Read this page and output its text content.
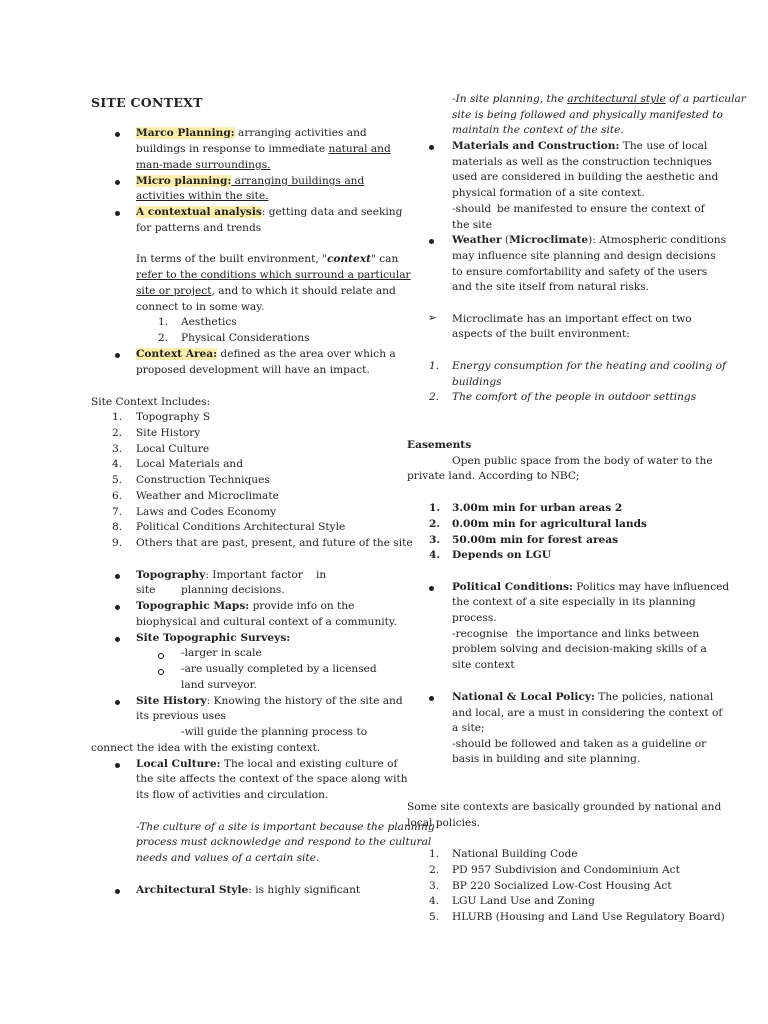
SITE CONTEXT
Marco Planning: arranging activities and
buildings in response to immediate natural and
man-made surroundings.
Micro planning: arranging buildings and
activities within the site.
A contextual analysis: getting data and seeking
for patterns and trends
In terms of the built environment, "context" can
refer to the conditions which surround a particular
site or project, and to which it should relate and
connect to in some way.
1. Aesthetics
2. Physical Considerations
Context Area: defined as the area over which a
proposed development will have an impact.
Site Context Includes:
1. Topography S
2. Site History
3. Local Culture
4. Local Materials and
5. Construction Techniques
6. Weather and Microclimate
7. Laws and Codes Economy
8. Political Conditions Architectural Style
9. Others that are past, present, and future of the site
Topography: Important factor in
site planning decisions.
Topographic Maps: provide info on the
biophysical and cultural context of a community.
Site Topographic Surveys:
-larger in scale
-are usually completed by a licensed
land surveyor.
Site History: Knowing the history of the site and
its previous uses
-will guide the planning process to
connect the idea with the existing context.
Local Culture: The local and existing culture of
the site affects the context of the space along with
its flow of activities and circulation.
-The culture of a site is important because the planning
process must acknowledge and respond to the cultural
needs and values of a certain site.
Architectural Style: is highly significant
-In site planning, the architectural style of a particular
site is being followed and physically manifested to
maintain the context of the site.
Materials and Construction: The use of local
materials as well as the construction techniques
used are considered in building the aesthetic and
physical formation of a site context.
-should be manifested to ensure the context of
the site
Weather (Microclimate): Atmospheric conditions
may influence site planning and design decisions
to ensure comfortability and safety of the users
and the site itself from natural risks.
➢ Microclimate has an important effect on two
aspects of the built environment:
1. Energy consumption for the heating and cooling of
buildings
2. The comfort of the people in outdoor settings
Easements
Open public space from the body of water to the
private land. According to NBC;
1. 3.00m min for urban areas 2
2. 0.00m min for agricultural lands
3. 50.00m min for forest areas
4. Depends on LGU
Political Conditions: Politics may have influenced
the context of a site especially in its planning
process.
-recognise the importance and links between
problem solving and decision-making skills of a
site context
National & Local Policy: The policies, national
and local, are a must in considering the context of
a site;
-should be followed and taken as a guideline or
basis in building and site planning.
Some site contexts are basically grounded by national and
local policies.
1. National Building Code
2. PD 957 Subdivision and Condominium Act
3. BP 220 Socialized Low-Cost Housing Act
4. LGU Land Use and Zoning
5. HLURB (Housing and Land Use Regulatory Board)
